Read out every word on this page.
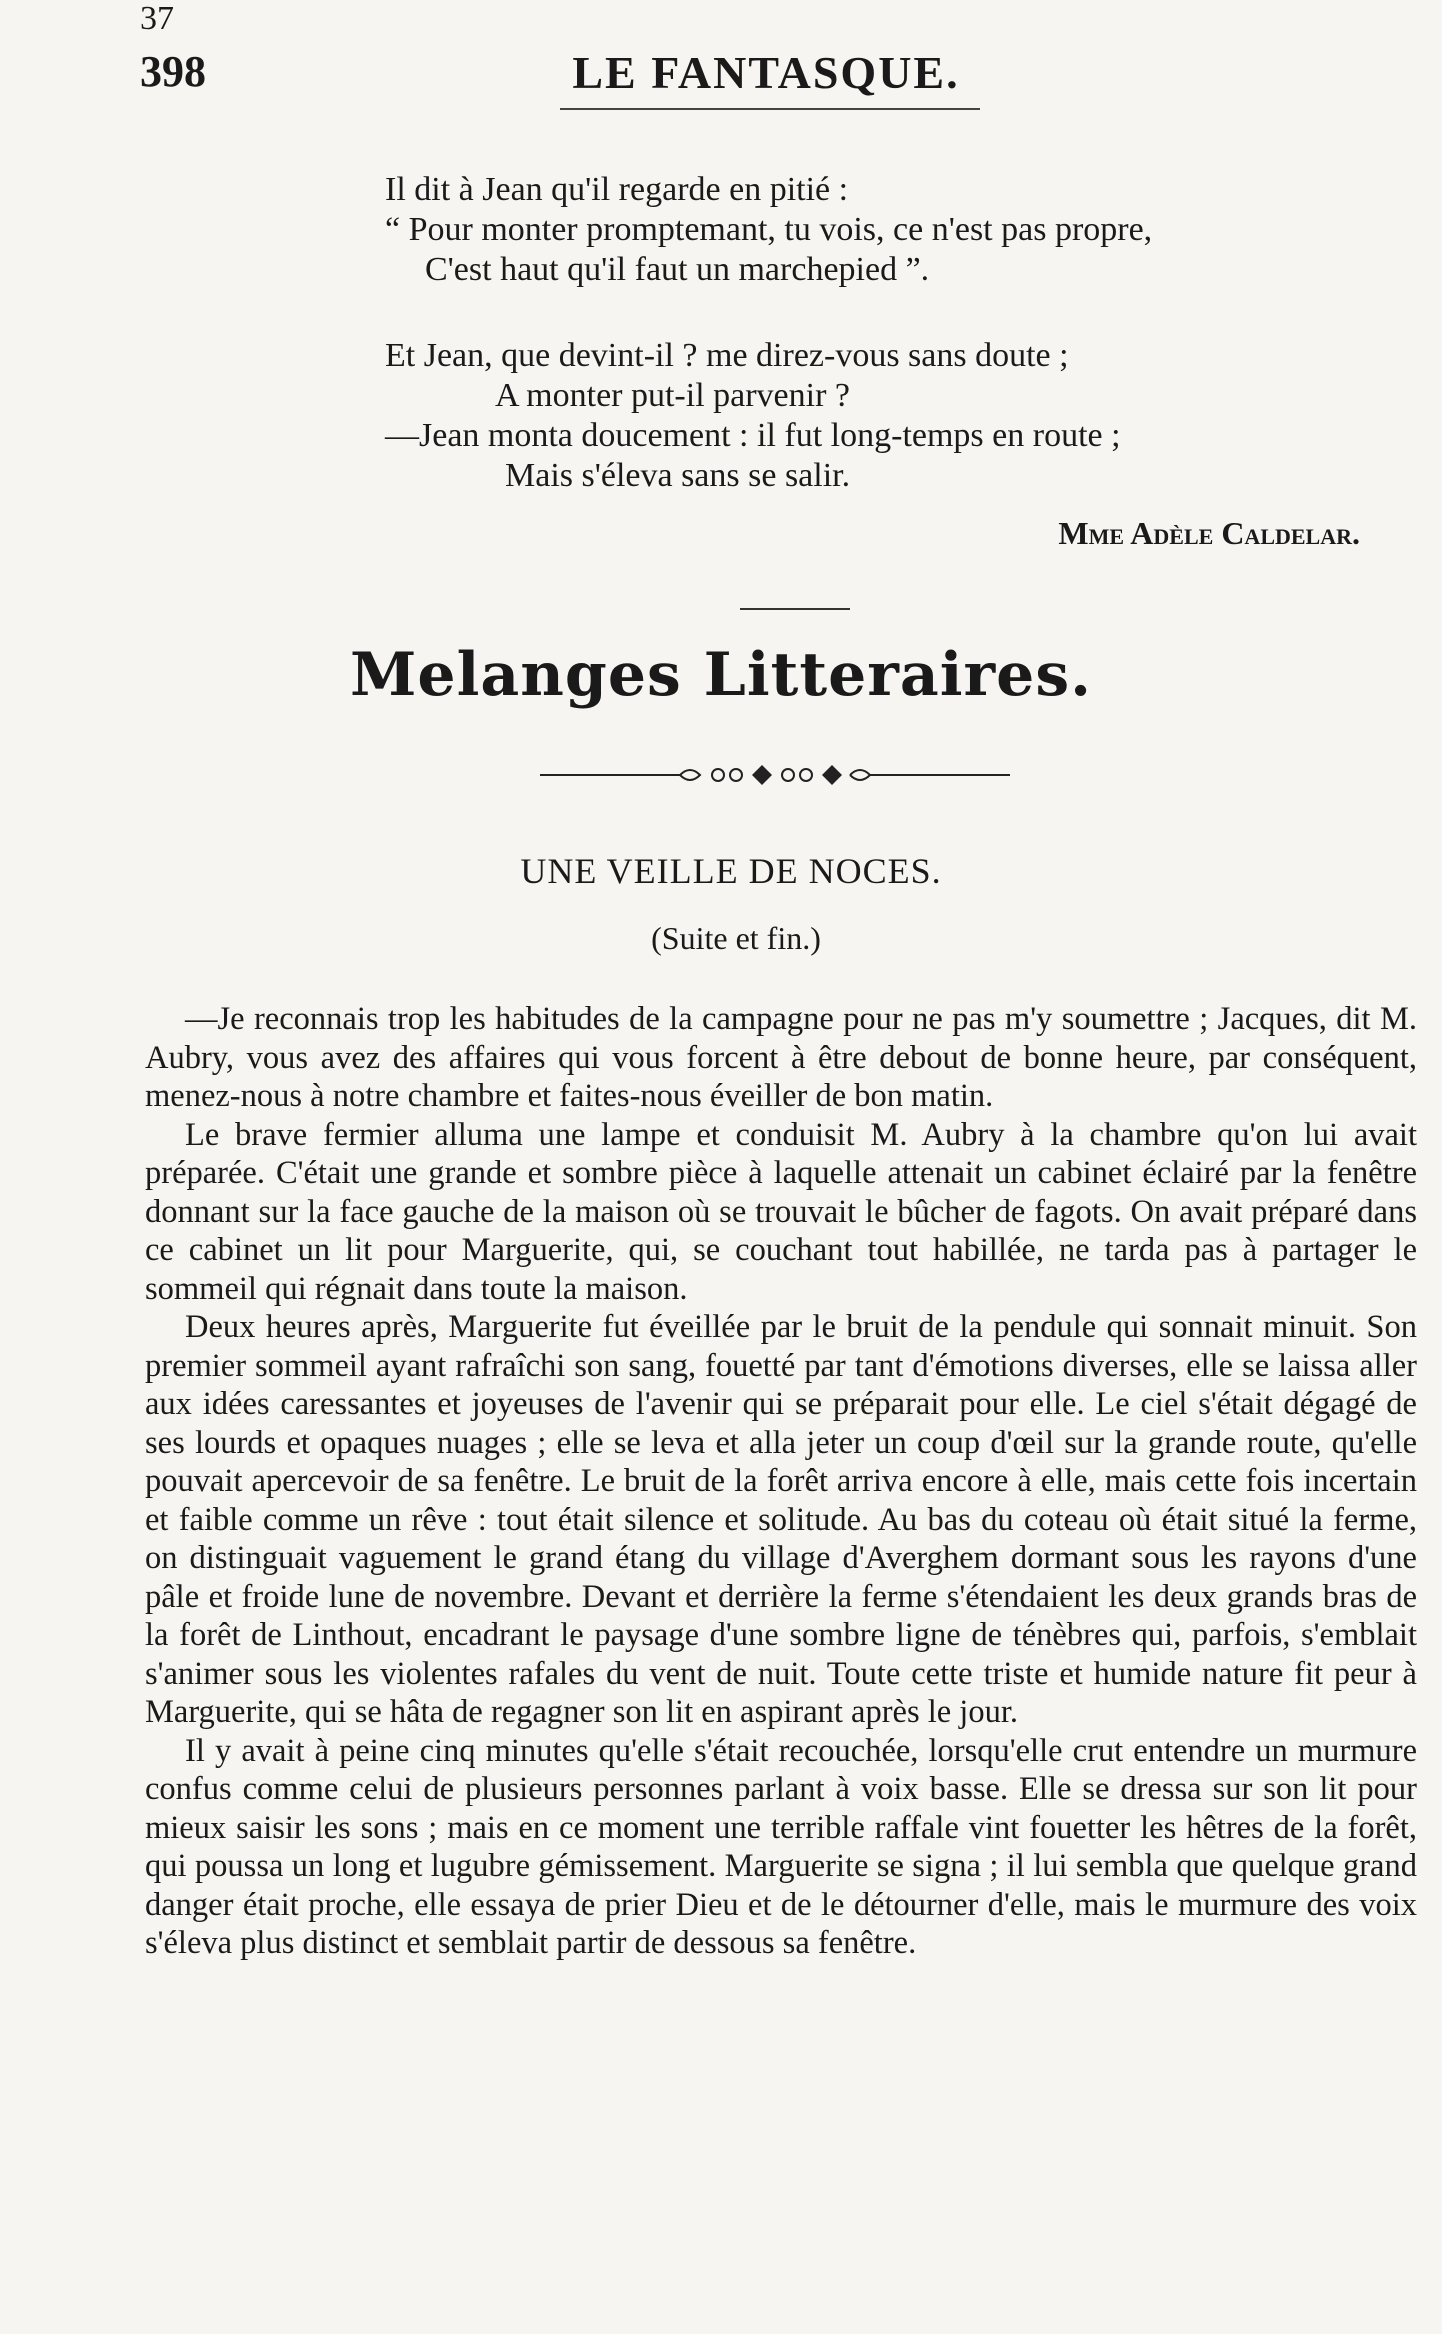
37
398	LE FANTASQUE.
Il dit à Jean qu'il regarde en pitié :
“ Pour monter promptemant, tu vois, ce n'est pas propre,
C'est haut qu'il faut un marchepied ”.
Et Jean, que devint-il ? me direz-vous sans doute ;
A monter put-il parvenir ?
—Jean monta doucement : il fut long-temps en route ;
Mais s'éleva sans se salir.
Mme Adèle Caldelar.
Melanges Litteraires.
UNE VEILLE DE NOCES.
(Suite et fin.)

—Je reconnais trop les habitudes de la campagne pour ne pas m'y soumettre ; Jacques, dit M. Aubry, vous avez des affaires qui vous forcent à être debout de bonne heure, par conséquent, menez-nous à notre chambre et faites-nous éveiller de bon matin.

Le brave fermier alluma une lampe et conduisit M. Aubry à la chambre qu'on lui avait préparée. C'était une grande et sombre pièce à laquelle attenait un cabinet éclairé par la fenêtre donnant sur la face gauche de la maison où se trouvait le bûcher de fagots. On avait préparé dans ce cabinet un lit pour Marguerite, qui, se couchant tout habillée, ne tarda pas à partager le sommeil qui régnait dans toute la maison.

Deux heures après, Marguerite fut éveillée par le bruit de la pendule qui sonnait minuit. Son premier sommeil ayant rafraîchi son sang, fouetté par tant d'émotions diverses, elle se laissa aller aux idées caressantes et joyeuses de l'avenir qui se préparait pour elle. Le ciel s'était dégagé de ses lourds et opaques nuages ; elle se leva et alla jeter un coup d'œil sur la grande route, qu'elle pouvait apercevoir de sa fenêtre. Le bruit de la forêt arriva encore à elle, mais cette fois incertain et faible comme un rêve : tout était silence et solitude. Au bas du coteau où était situé la ferme, on distinguait vaguement le grand étang du village d'Averghem dormant sous les rayons d'une pâle et froide lune de novembre. Devant et derrière la ferme s'étendaient les deux grands bras de la forêt de Linthout, encadrant le paysage d'une sombre ligne de ténèbres qui, parfois, s'emblait s'animer sous les violentes rafales du vent de nuit. Toute cette triste et humide nature fit peur à Marguerite, qui se hâta de regagner son lit en aspirant après le jour.

Il y avait à peine cinq minutes qu'elle s'était recouchée, lorsqu'elle crut entendre un murmure confus comme celui de plusieurs personnes parlant à voix basse. Elle se dressa sur son lit pour mieux saisir les sons ; mais en ce moment une terrible raffale vint fouetter les hêtres de la forêt, qui poussa un long et lugubre gémissement. Marguerite se signa ; il lui sembla que quelque grand danger était proche, elle essaya de prier Dieu et de le détourner d'elle, mais le murmure des voix s'éleva plus distinct et semblait partir de dessous sa fenêtre.
